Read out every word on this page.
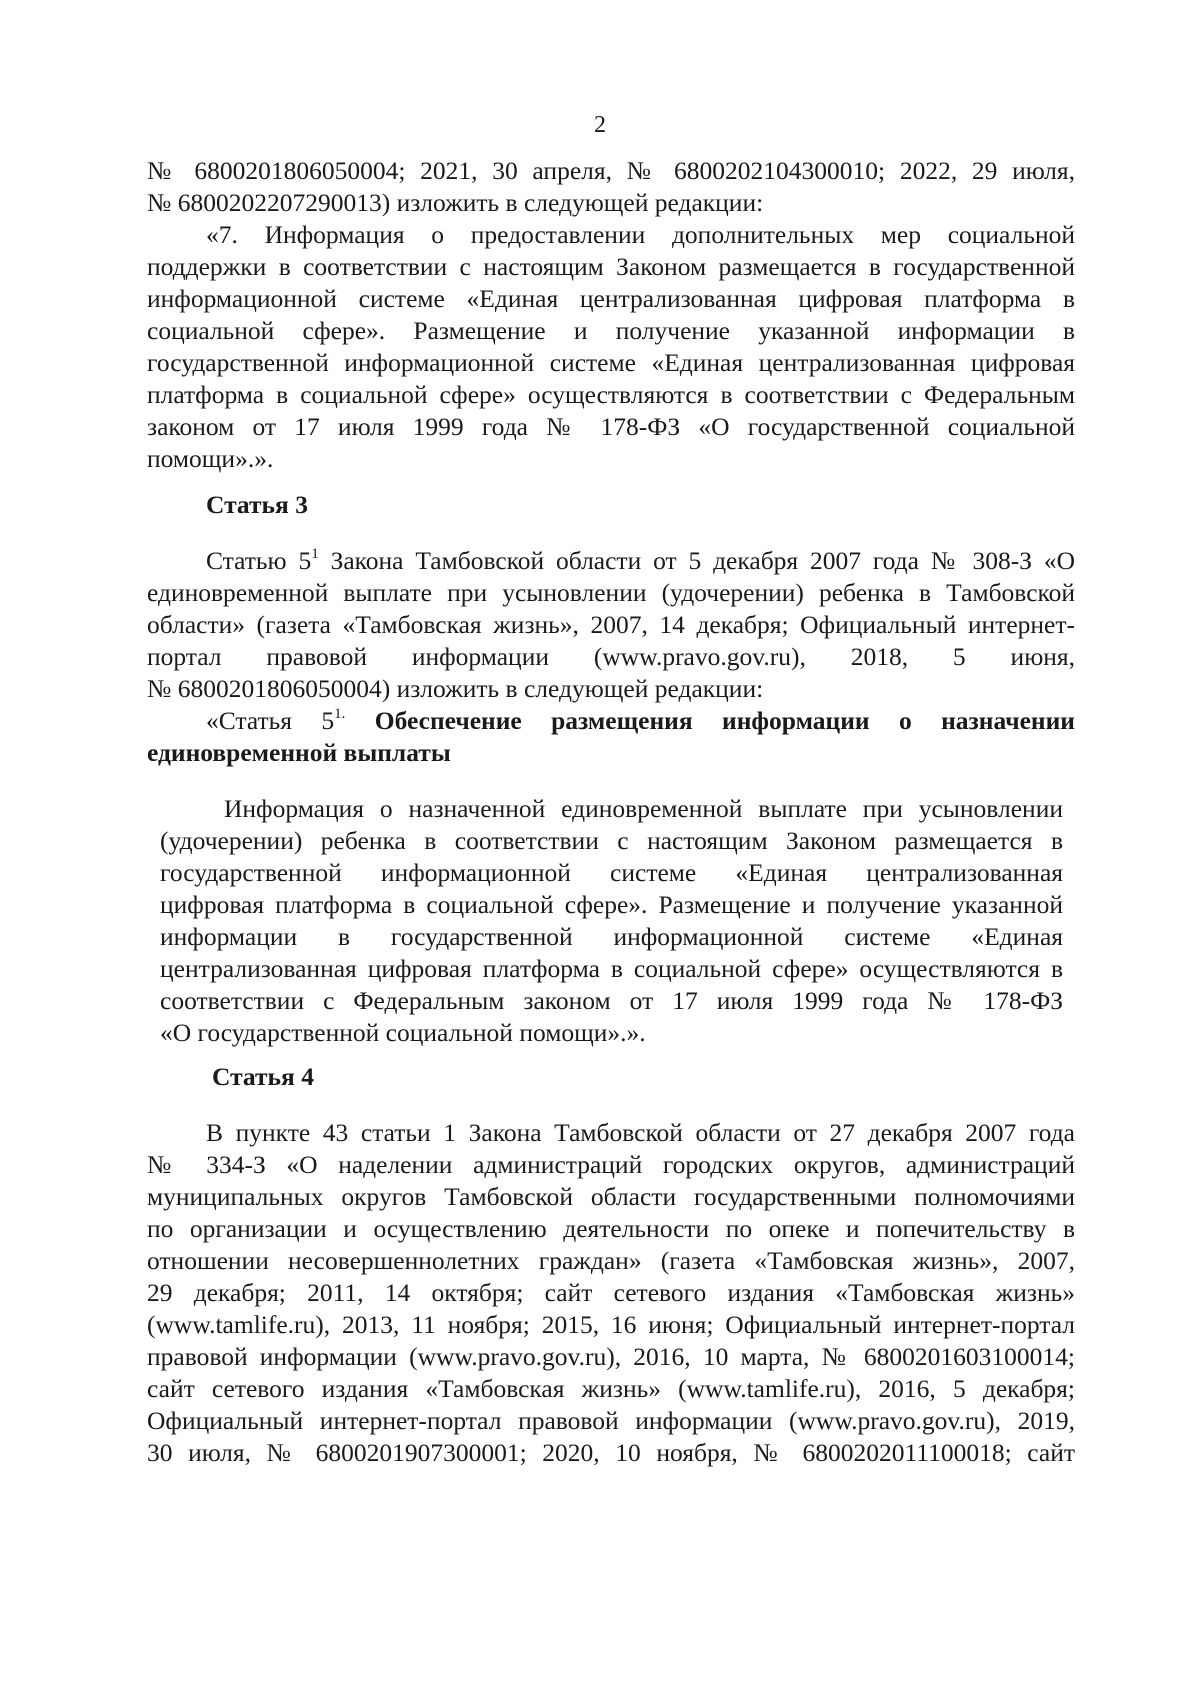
2
№ 6800201806050004; 2021, 30 апреля, № 6800202104300010; 2022, 29 июля,
№ 6800202207290013) изложить в следующей редакции:
«7. Информация о предоставлении дополнительных мер социальной
поддержки в соответствии с настоящим Законом размещается в государственной
информационной системе «Единая централизованная цифровая платформа в
социальной сфере». Размещение и получение указанной информации в
государственной информационной системе «Единая централизованная цифровая
платформа в социальной сфере» осуществляются в соответствии с Федеральным
законом от 17 июля 1999 года № 178-ФЗ «О государственной социальной
помощи».».
Статья 3
Статью $5^1$ Закона Тамбовской области от 5 декабря 2007 года № 308-З «О
единовременной выплате при усыновлении (удочерении) ребенка в Тамбовской
области» (газета «Тамбовская жизнь», 2007, 14 декабря; Официальный интернет-
портал правовой информации (www.pravo.gov.ru), 2018, 5 июня,
№ 6800201806050004) изложить в следующей редакции:
«Статья $5^{1.}$ Обеспечение размещения информации о назначении
единовременной выплаты
Информация о назначенной единовременной выплате при усыновлении
(удочерении) ребенка в соответствии с настоящим Законом размещается в
государственной информационной системе «Единая централизованная
цифровая платформа в социальной сфере». Размещение и получение указанной
информации в государственной информационной системе «Единая
централизованная цифровая платформа в социальной сфере» осуществляются в
соответствии с Федеральным законом от 17 июля 1999 года № 178-ФЗ
«О государственной социальной помощи».».
Статья 4
В пункте 43 статьи 1 Закона Тамбовской области от 27 декабря 2007 года
№ 334-З «О наделении администраций городских округов, администраций
муниципальных округов Тамбовской области государственными полномочиями
по организации и осуществлению деятельности по опеке и попечительству в
отношении несовершеннолетних граждан» (газета «Тамбовская жизнь», 2007,
29 декабря; 2011, 14 октября; сайт сетевого издания «Тамбовская жизнь»
(www.tamlife.ru), 2013, 11 ноября; 2015, 16 июня; Официальный интернет-портал
правовой информации (www.pravo.gov.ru), 2016, 10 марта, № 6800201603100014;
сайт сетевого издания «Тамбовская жизнь» (www.tamlife.ru), 2016, 5 декабря;
Официальный интернет-портал правовой информации (www.pravo.gov.ru), 2019,
30 июля, № 6800201907300001; 2020, 10 ноября, № 6800202011100018; сайт
